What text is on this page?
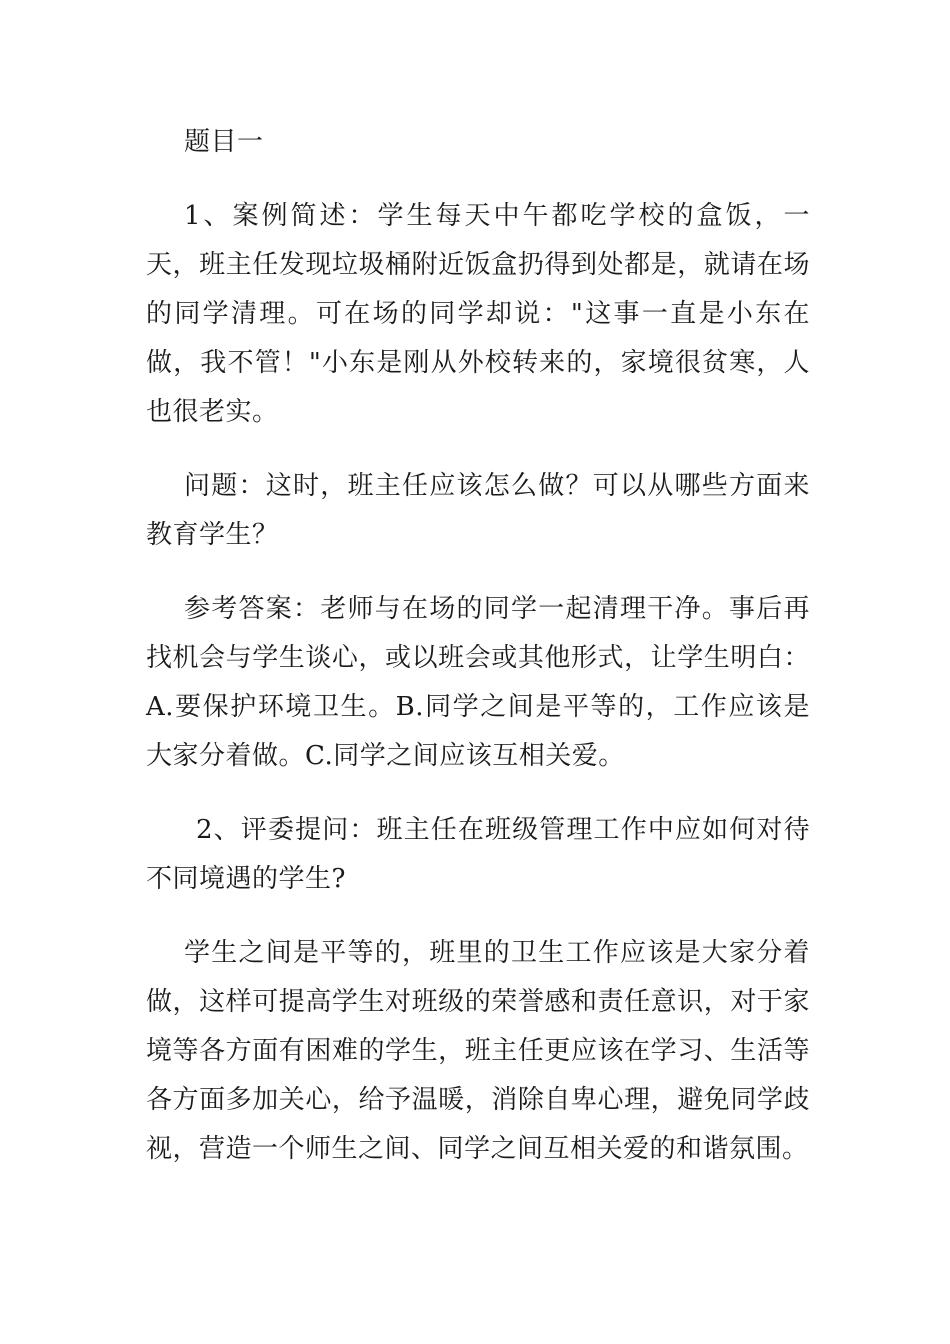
题目一

1、案例简述：学生每天中午都吃学校的盒饭，一天，班主任发现垃圾桶附近饭盒扔得到处都是，就请在场的同学清理。可在场的同学却说："这事一直是小东在做，我不管！"小东是刚从外校转来的，家境很贫寒，人也很老实。

问题：这时，班主任应该怎么做？可以从哪些方面来教育学生？

参考答案：老师与在场的同学一起清理干净。事后再找机会与学生谈心，或以班会或其他形式，让学生明白：A.要保护环境卫生。B.同学之间是平等的，工作应该是大家分着做。C.同学之间应该互相关爱。

2、评委提问：班主任在班级管理工作中应如何对待不同境遇的学生?

学生之间是平等的，班里的卫生工作应该是大家分着做，这样可提高学生对班级的荣誉感和责任意识，对于家境等各方面有困难的学生，班主任更应该在学习、生活等各方面多加关心，给予温暖，消除自卑心理，避免同学歧视，营造一个师生之间、同学之间互相关爱的和谐氛围。
